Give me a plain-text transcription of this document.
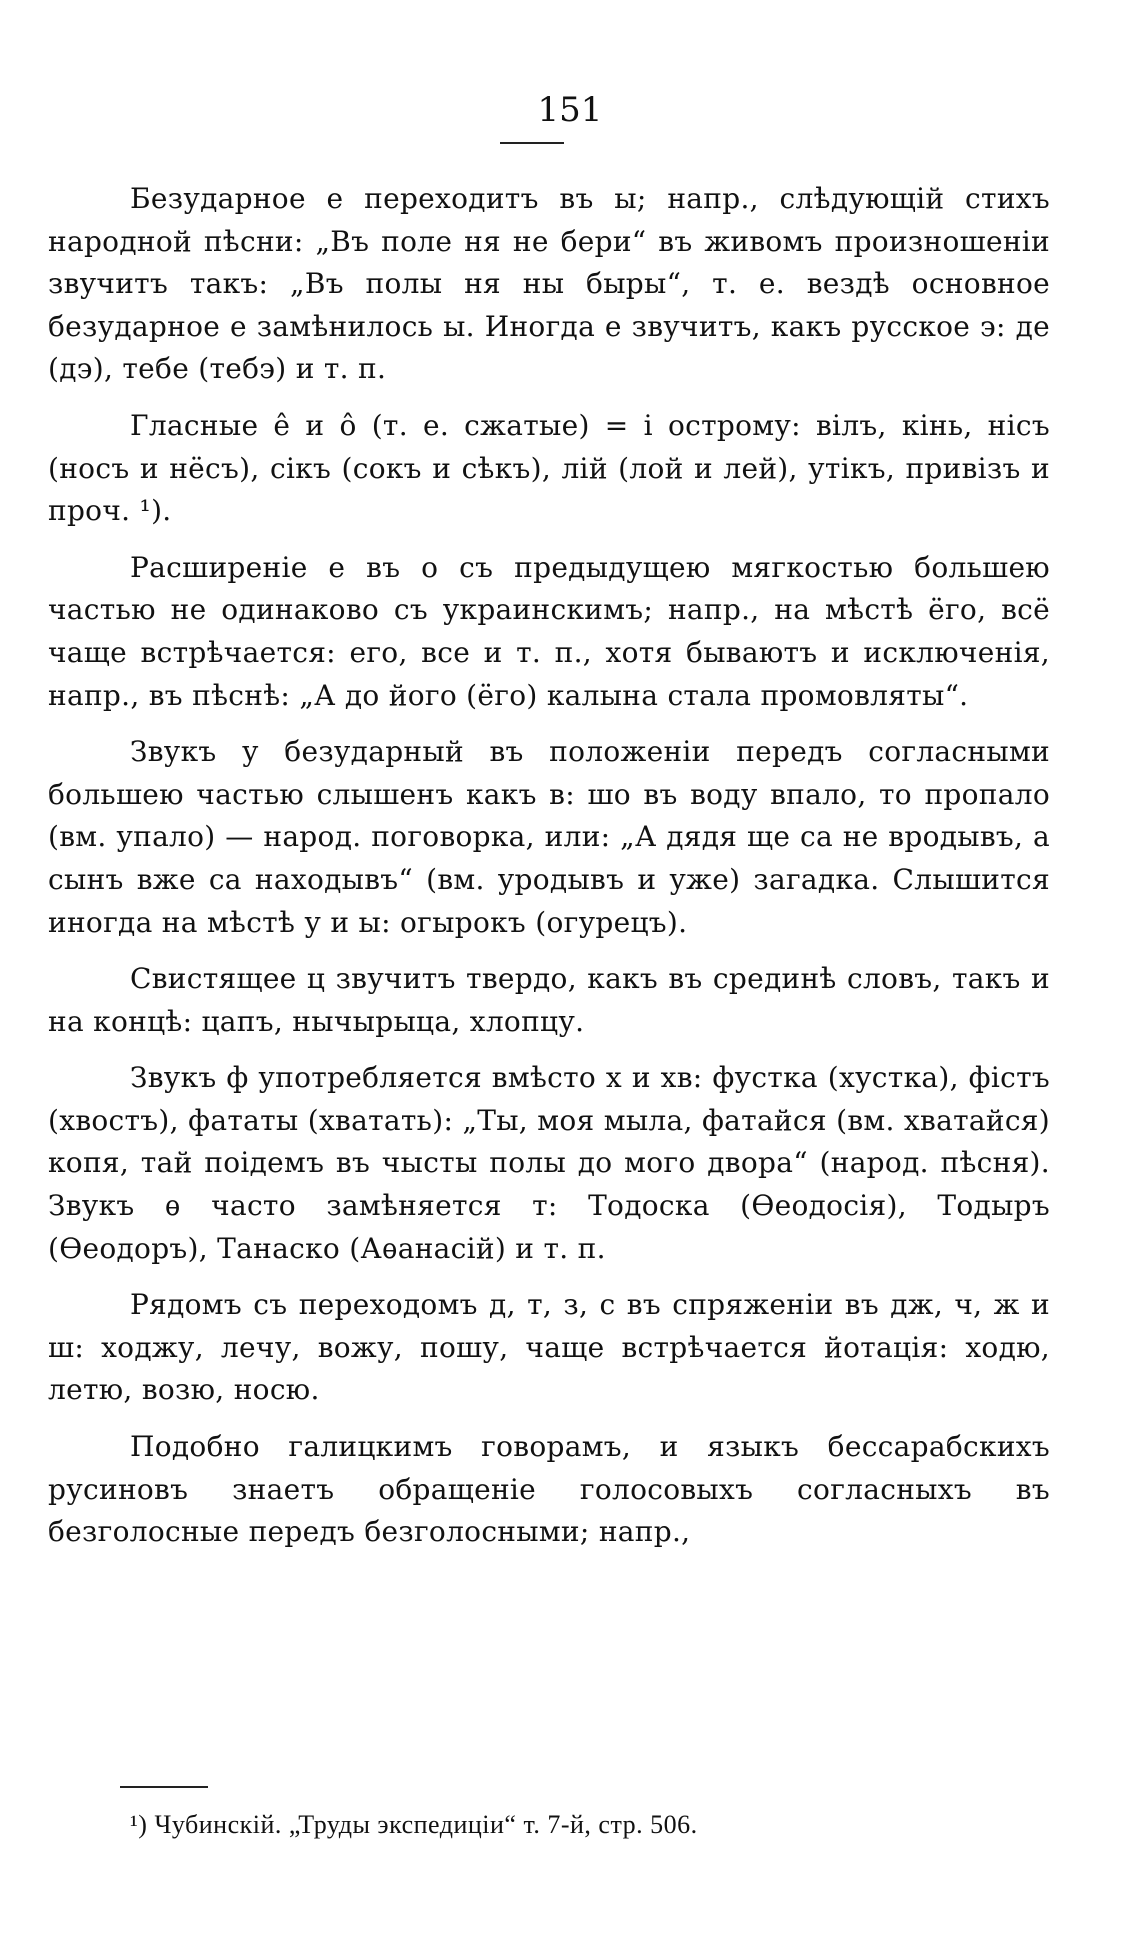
151

Безударное е переходитъ въ ы; напр., слѣдующій стихъ народной пѣсни: „Въ поле ня не бери“ въ живомъ произношеніи звучитъ такъ: „Въ полы ня ны быры“, т. е. вездѣ основное безударное е замѣнилось ы. Иногда е звучитъ, какъ русское э: де (дэ), тебе (тебэ) и т. п.

Гласные ê и ô (т. е. сжатые) = і острому: вілъ, кінь, нісъ (носъ и нёсъ), сікъ (сокъ и сѣкъ), лій (лой и лей), утікъ, привізъ и проч. ¹).

Расширеніе е въ о съ предыдущею мягкостью большею частью не одинаково съ украинскимъ; напр., на мѣстѣ ёго, всё чаще встрѣчается: его, все и т. п., хотя бываютъ и исключенія, напр., въ пѣснѣ: „А до його (ёго) калына стала промовляты“.

Звукъ у безударный въ положеніи передъ согласными большею частью слышенъ какъ в: шо въ воду впало, то пропало (вм. упало) — народ. поговорка, или: „А дядя ще са не вродывъ, а сынъ вже са находывъ“ (вм. уродывъ и уже) загадка. Слышится иногда на мѣстѣ у и ы: огырокъ (огурецъ).

Свистящее ц звучитъ твердо, какъ въ срединѣ словъ, такъ и на концѣ: цапъ, нычырыца, хлопцу.

Звукъ ф употребляется вмѣсто х и хв: фустка (хустка), фістъ (хвостъ), фататы (хватать): „Ты, моя мыла, фатайся (вм. хватайся) копя, тай поідемъ въ чысты полы до мого двора“ (народ. пѣсня). Звукъ ѳ часто замѣняется т: Тодоска (Ѳеодосія), Тодыръ (Ѳеодоръ), Танаско (Аѳанасій) и т. п.

Рядомъ съ переходомъ д, т, з, с въ спряженіи въ дж, ч, ж и ш: ходжу, лечу, вожу, пошу, чаще встрѣчается йотація: ходю, летю, возю, носю.

Подобно галицкимъ говорамъ, и языкъ бессарабскихъ русиновъ знаетъ обращеніе голосовыхъ согласныхъ въ безголосные передъ безголосными; напр.,

¹) Чубинскій. „Труды экспедиціи“ т. 7-й, стр. 506.
